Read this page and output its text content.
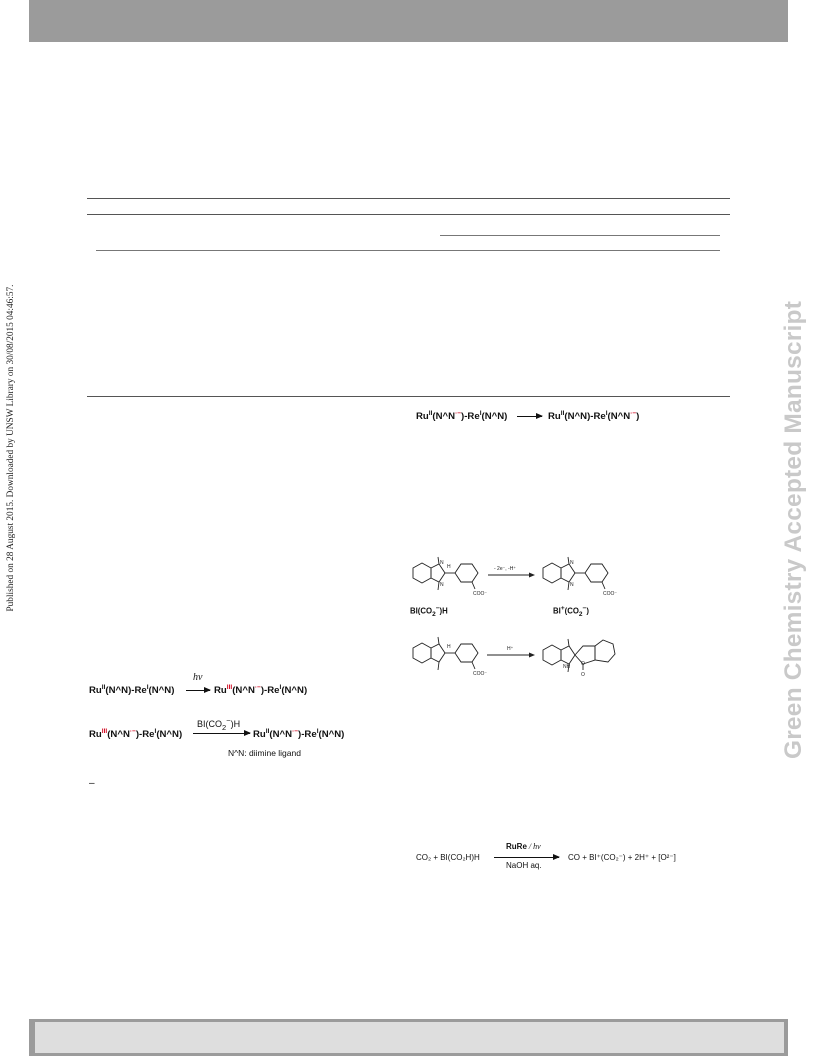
Published on 28 August 2015. Downloaded by UNSW Library on 30/08/2015 04:46:57.	Green Chemistry Accepted Manuscript
$Ru^{II}(N\^{}N)-Re^I(N\^{}N)$
hν
$Ru^{III}(N\^{}N^{\cdot-})-Re^I(N\^{}N)$
$Ru^{III}(N\^{}N^{\cdot-})-Re^I(N\^{}N)$
$BI(CO_2^-)H$
$Ru^{II}(N\^{}N^{\cdot-})-Re^I(N\^{}N)$
N^N: diimine ligand
–
$Ru^{II}(N\^{}N^{\cdot-})-Re^I(N\^{}N)$	$Ru^{II}(N\^{}N)-Re^I(N\^{}N^{\cdot-})$
N
N
H
COO⁻
- 2e⁻, -H⁺
N
N
COO⁻
$BI(CO_2^-)H$	$BI^+(CO_2^-)$
H
COO⁻
H⁺
NH O
O
CO₂ + BI(CO₂H)H
RuRe / hν
NaOH aq.
CO + BI⁺(CO₂⁻) + 2H⁺ + [O²⁻]
